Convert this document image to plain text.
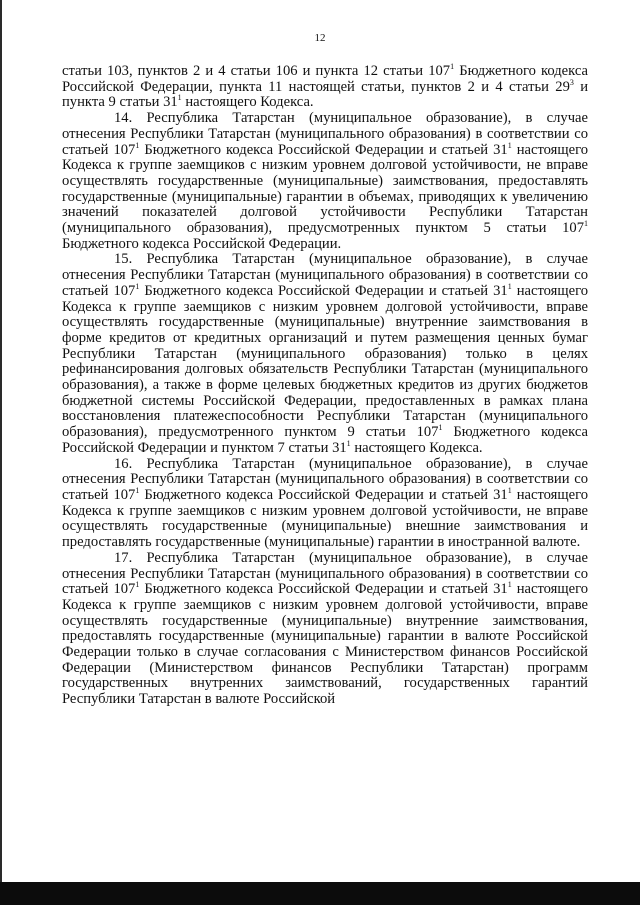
12

статьи 103, пунктов 2 и 4 статьи 106 и пункта 12 статьи $107^1$ Бюджетного кодекса Российской Федерации, пункта 11 настоящей статьи, пунктов 2 и 4 статьи $29^3$ и пункта 9 статьи $31^1$ настоящего Кодекса.

14. Республика Татарстан (муниципальное образование), в случае отнесения Республики Татарстан (муниципального образования) в соответствии со статьей $107^1$ Бюджетного кодекса Российской Федерации и статьей $31^1$ настоящего Кодекса к группе заемщиков с низким уровнем долговой устойчивости, не вправе осуществлять государственные (муниципальные) заимствования, предоставлять государственные (муниципальные) гарантии в объемах, приводящих к увеличению значений показателей долговой устойчивости Республики Татарстан (муниципального образования), предусмотренных пунктом 5 статьи $107^1$ Бюджетного кодекса Российской Федерации.

15. Республика Татарстан (муниципальное образование), в случае отнесения Республики Татарстан (муниципального образования) в соответствии со статьей $107^1$ Бюджетного кодекса Российской Федерации и статьей $31^1$ настоящего Кодекса к группе заемщиков с низким уровнем долговой устойчивости, вправе осуществлять государственные (муниципальные) внутренние заимствования в форме кредитов от кредитных организаций и путем размещения ценных бумаг Республики Татарстан (муниципального образования) только в целях рефинансирования долговых обязательств Республики Татарстан (муниципального образования), а также в форме целевых бюджетных кредитов из других бюджетов бюджетной системы Российской Федерации, предоставленных в рамках плана восстановления платежеспособности Республики Татарстан (муниципального образования), предусмотренного пунктом 9 статьи $107^1$ Бюджетного кодекса Российской Федерации и пунктом 7 статьи $31^1$ настоящего Кодекса.

16. Республика Татарстан (муниципальное образование), в случае отнесения Республики Татарстан (муниципального образования) в соответствии со статьей $107^1$ Бюджетного кодекса Российской Федерации и статьей $31^1$ настоящего Кодекса к группе заемщиков с низким уровнем долговой устойчивости, не вправе осуществлять государственные (муниципальные) внешние заимствования и предоставлять государственные (муниципальные) гарантии в иностранной валюте.

17. Республика Татарстан (муниципальное образование), в случае отнесения Республики Татарстан (муниципального образования) в соответствии со статьей $107^1$ Бюджетного кодекса Российской Федерации и статьей $31^1$ настоящего Кодекса к группе заемщиков с низким уровнем долговой устойчивости, вправе осуществлять государственные (муниципальные) внутренние заимствования, предоставлять государственные (муниципальные) гарантии в валюте Российской Федерации только в случае согласования с Министерством финансов Российской Федерации (Министерством финансов Республики Татарстан) программ государственных внутренних заимствований, государственных гарантий Республики Татарстан в валюте Российской
